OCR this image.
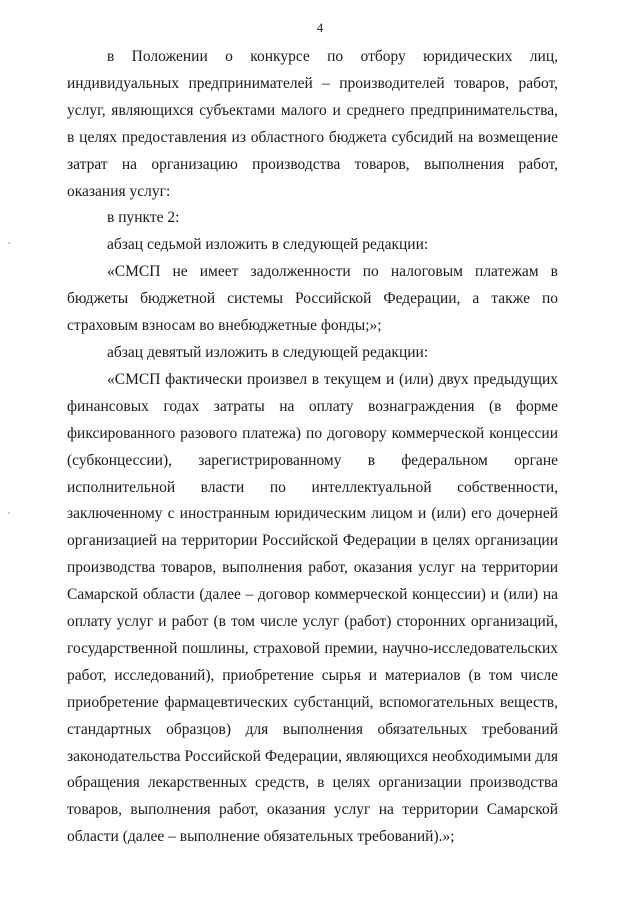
4

в Положении о конкурсе по отбору юридических лиц, индивидуальных предпринимателей – производителей товаров, работ, услуг, являющихся субъектами малого и среднего предпринимательства, в целях предоставления из областного бюджета субсидий на возмещение затрат на организацию производства товаров, выполнения работ, оказания услуг:

в пункте 2:

абзац седьмой изложить в следующей редакции:

«СМСП не имеет задолженности по налоговым платежам в бюджеты бюджетной системы Российской Федерации, а также по страховым взносам во внебюджетные фонды;»;

абзац девятый изложить в следующей редакции:

«СМСП фактически произвел в текущем и (или) двух предыдущих финансовых годах затраты на оплату вознаграждения (в форме фиксированного разового платежа) по договору коммерческой концессии (субконцессии), зарегистрированному в федеральном органе исполнительной власти по интеллектуальной собственности, заключенному с иностранным юридическим лицом и (или) его дочерней организацией на территории Российской Федерации в целях организации производства товаров, выполнения работ, оказания услуг на территории Самарской области (далее – договор коммерческой концессии) и (или) на оплату услуг и работ (в том числе услуг (работ) сторонних организаций, государственной пошлины, страховой премии, научно-исследовательских работ, исследований), приобретение сырья и материалов (в том числе приобретение фармацевтических субстанций, вспомогательных веществ, стандартных образцов) для выполнения обязательных требований законодательства Российской Федерации, являющихся необходимыми для обращения лекарственных средств, в целях организации производства товаров, выполнения работ, оказания услуг на территории Самарской области (далее – выполнение обязательных требований).»;
